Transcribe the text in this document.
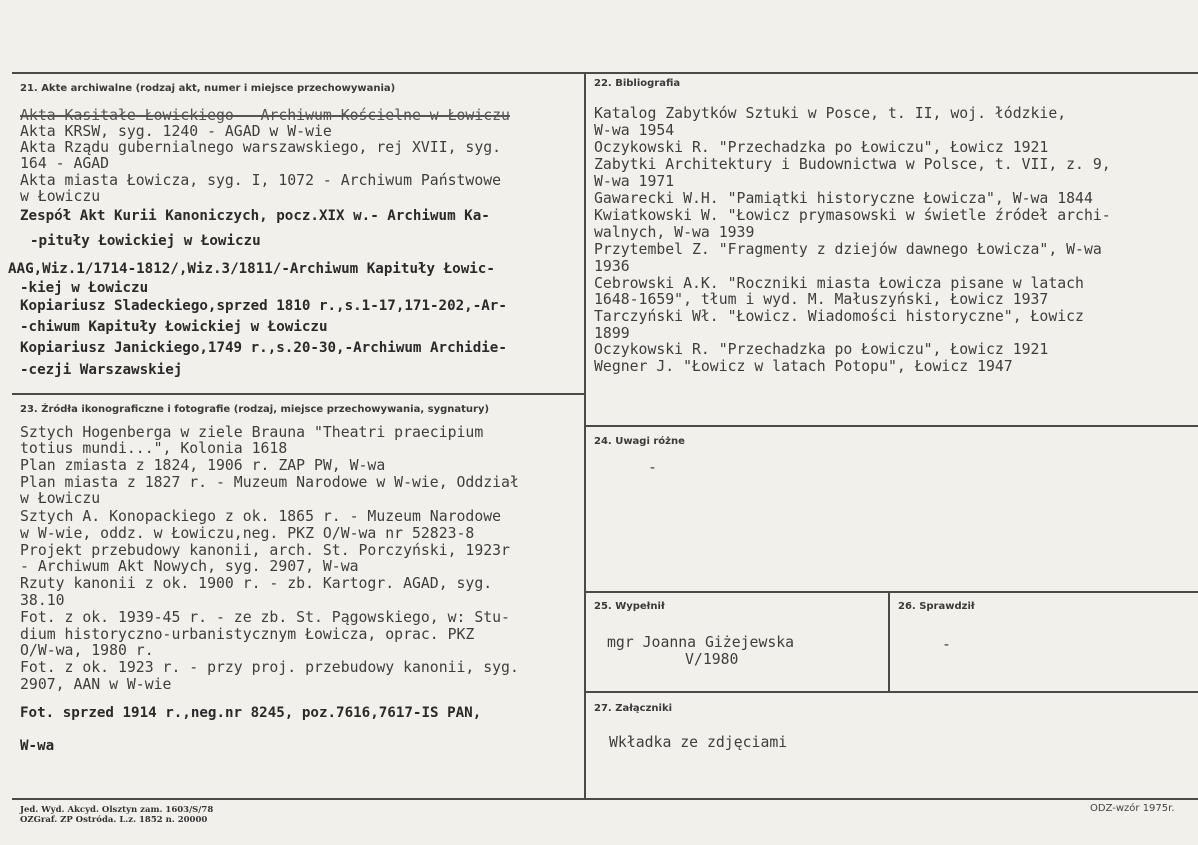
21. Akte archiwalne (rodzaj akt, numer i miejsce przechowywania)
Akta Kasitałe Łowickiego - Archiwum Kościelne w Łowiczu
Akta KRSW, syg. 1240 - AGAD w W-wie
Akta Rządu gubernialnego warszawskiego, rej XVII, syg.
164 - AGAD
Akta miasta Łowicza, syg. I, 1072 - Archiwum Państwowe
w Łowiczu
Zespół Akt Kurii Kanoniczych, pocz.XIX w.- Archiwum Ka-
-pituły Łowickiej w Łowiczu
AAG,Wiz.1/1714-1812/,Wiz.3/1811/-Archiwum Kapituły Łowic-
-kiej w Łowiczu
Kopiariusz Sladeckiego,sprzed 1810 r.,s.1-17,171-202,-Ar-
-chiwum Kapituły Łowickiej w Łowiczu
Kopiariusz Janickiego,1749 r.,s.20-30,-Archiwum Archidie-
-cezji Warszawskiej
22. Bibliografia
Katalog Zabytków Sztuki w Posce, t. II, woj. łódzkie,
W-wa 1954
Oczykowski R. "Przechadzka po Łowiczu", Łowicz 1921
Zabytki Architektury i Budownictwa w Polsce, t. VII, z. 9,
W-wa 1971
Gawarecki W.H. "Pamiątki historyczne Łowicza", W-wa 1844
Kwiatkowski W. "Łowicz prymasowski w świetle źródeł archi-
walnych, W-wa 1939
Przytembel Z. "Fragmenty z dziejów dawnego Łowicza", W-wa
1936
Cebrowski A.K. "Roczniki miasta Łowicza pisane w latach
1648-1659", tłum i wyd. M. Małuszyński, Łowicz 1937
Tarczyński Wł. "Łowicz. Wiadomości historyczne", Łowicz
1899
Oczykowski R. "Przechadzka po Łowiczu", Łowicz 1921
Wegner J. "Łowicz w latach Potopu", Łowicz 1947
23. Źródła ikonograficzne i fotografie (rodzaj, miejsce przechowywania, sygnatury)
Sztych Hogenberga w ziele Brauna "Theatri praecipium
totius mundi...", Kolonia 1618
Plan zmiasta z 1824, 1906 r. ZAP PW, W-wa
Plan miasta z 1827 r. - Muzeum Narodowe w W-wie, Oddział
w Łowiczu
Sztych A. Konopackiego z ok. 1865 r. - Muzeum Narodowe
w W-wie, oddz. w Łowiczu,neg. PKZ O/W-wa nr 52823-8
Projekt przebudowy kanonii, arch. St. Porczyński, 1923r
- Archiwum Akt Nowych, syg. 2907, W-wa
Rzuty kanonii z ok. 1900 r. - zb. Kartogr. AGAD, syg.
38.10
Fot. z ok. 1939-45 r. - ze zb. St. Pągowskiego, w: Stu-
dium historyczno-urbanistycznym Łowicza, oprac. PKZ
O/W-wa, 1980 r.
Fot. z ok. 1923 r. - przy proj. przebudowy kanonii, syg.
2907, AAN w W-wie
Fot. sprzed 1914 r.,neg.nr 8245, poz.7616,7617-IS PAN,
W-wa
24. Uwagi różne
-
25. Wypełnił
mgr Joanna Giżejewska
V/1980
26. Sprawdził
-
27. Załączniki
Wkładka ze zdjęciami
Jed. Wyd. Akcyd. Olsztyn zam. 1603/S/78
OZGraf. ZP Ostróda. L.z. 1852 n. 20000
ODZ-wzór 1975r.
